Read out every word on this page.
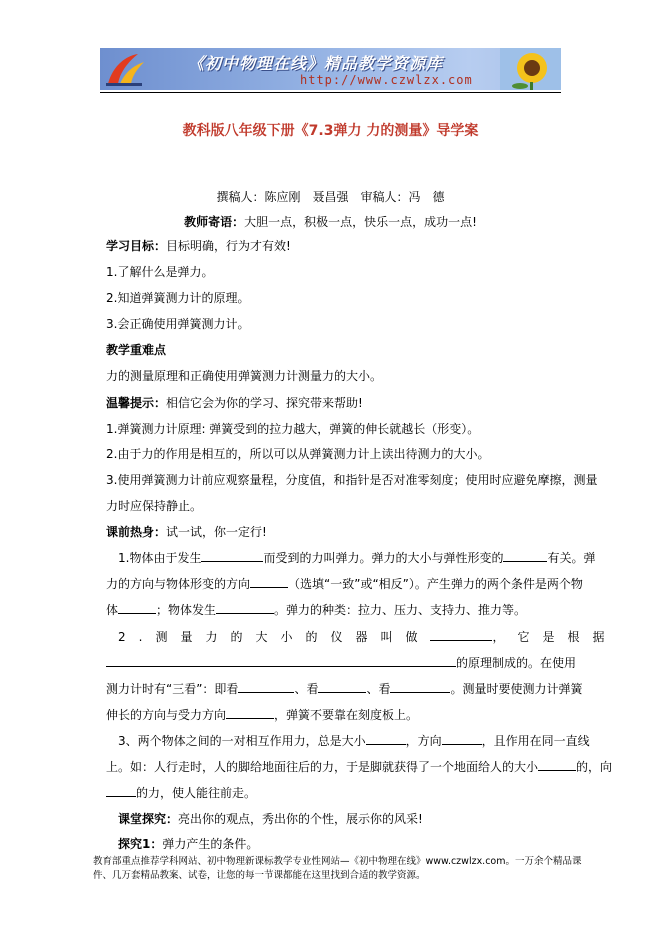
《初中物理在线》精品教学资源库
http://www.czwlzx.com
教科版八年级下册《7.3弹力 力的测量》导学案
撰稿人：陈应刚　聂昌强　审稿人：冯　德
教师寄语：大胆一点，积极一点，快乐一点，成功一点!
学习目标：目标明确，行为才有效!
1.了解什么是弹力。
2.知道弹簧测力计的原理。
3.会正确使用弹簧测力计。
教学重难点
力的测量原理和正确使用弹簧测力计测量力的大小。
温馨提示：相信它会为你的学习、探究带来帮助!
1.弹簧测力计原理: 弹簧受到的拉力越大，弹簧的伸长就越长（形变）。
2.由于力的作用是相互的，所以可以从弹簧测力计上读出待测力的大小。
3.使用弹簧测力计前应观察量程，分度值，和指针是否对准零刻度；使用时应避免摩擦，测量
力时应保持静止。
课前热身：试一试，你一定行!
1.物体由于发生	而受到的力叫弹力。弹力的大小与弹性形变的	有关。弹
力的方向与物体形变的方向	（选填“一致”或“相反”）。产生弹力的两个条件是两个物
体	；物体发生	。弹力的种类：拉力、压力、支持力、推力等。
2.测量力的大小的仪器叫做	，它是根据
的原理制成的。在使用
测力计时有“三看”：即看	、看	、看	。测量时要使测力计弹簧
伸长的方向与受力方向	，弹簧不要靠在刻度板上。
3、两个物体之间的一对相互作用力，总是大小	，方向	，且作用在同一直线
上。如：人行走时，人的脚给地面往后的力，于是脚就获得了一个地面给人的大小	的，向
的力，使人能往前走。
课堂探究：亮出你的观点，秀出你的个性，展示你的风采!
探究1：弹力产生的条件。
教育部重点推荐学科网站、初中物理新课标教学专业性网站—《初中物理在线》www.czwlzx.com。一万余个精品课
件、几万套精品教案、试卷，让您的每一节课都能在这里找到合适的教学资源。
